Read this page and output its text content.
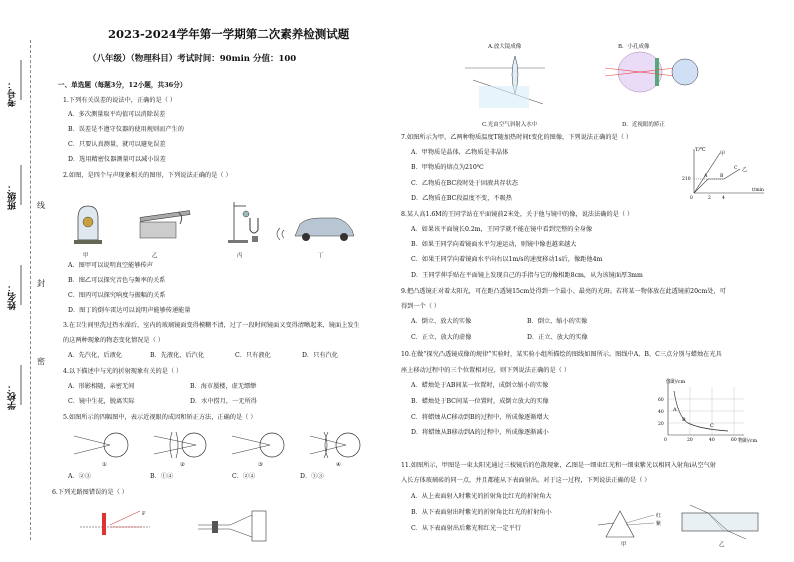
考号：
班级：
姓名：
学校：
线
封
密
2023-2024学年第一学期第二次素养检测试题
（八年级）（物理科目）考试时间：90min 分值：100
一、单选题（每题3分，12小题，共36分）
1.下列有关误差的说法中，正确的是（ ）
A．多次测量取平均值可以消除误差
B．误差是不遵守仪器的使用规则而产生的
C．只要认真测量，就可以避免误差
D．选用精密仪器测量可以减小误差
2.如图，是四个与声现象相关的图形，下列说法正确的是（ ）
甲	乙	丙	丁
A．图甲可以说明真空能够传声
B．图乙可以探究音色与频率的关系
C．图丙可以探究响度与振幅的关系
D．图丁的倒车雷达可以说明声能够传递能量
3.在卫生间里洗过热水澡后，室内的玻璃镜面变得模糊不清，过了一段时间镜面又变得清晰起来，镜面上发生
的这两种现象的物态变化情况是（ ）
A．先汽化，后液化	B．先液化，后汽化	C．只有液化	D．只有汽化
4.以下描述中与光的折射现象有关的是（ ）
A．形影相随，亲密无间	B．海市蜃楼，虚无缥缈
C．镜中生花，脱离实际	D．水中捞月，一无所得
5.如图所示的四幅图中，表示近视眼的成因和矫正方法，正确的是（ ）
①	②	③	④
A．②③	B．①④	C．②④	D．①③
6.下列光路图错误的是（ ）
F
A.放大镜成像	B．小孔成像
C.光由空气斜射入水中	D．近视眼的矫正
7.如图所示为甲、乙两种物质温度T随加热时间t变化的图像，下列说法正确的是（ ）
A．甲物质是晶体，乙物质是非晶体
B．甲物质的熔点为210℃
C．乙物质在BC段时处于固液共存状态
D．乙物质在BC段温度不变，不吸热
T/℃
t/min
210
0	2 4
甲
乙
A	B
C
8.某人高1.6M的王同学站在平面镜前2米处，关于他与镜中的像，说法法确的是（ ）
A．如果该平面镜长0.2m，王同学就不能在镜中看到完整的全身像
B．如果王同学向着镜面水平匀速运动，则镜中像也越来越大
C．如果王同学向着镜面水平向右以1m/s的速度移动1s后，像距他4m
D．王同学伸手贴在平面镜上发现自己的手指与它的像相距8cm，从为该镜面厚3mm
9.把凸透镜正对着太阳光，可在距凸透镜15cm处得到一个最小、最亮的光斑。若将某一物体放在此透镜前20cm处，可
得到一个（ ）
A．倒立、放大的实像	B．倒立、缩小的实像
C．正立、放大的虚像	D．正立、放大的实像
10.在做“探究凸透镜成像的规律”实验时，某实验小组所描绘的图线如图所示。图线中A、B、C三点分别与蜡烛在光具
座上移动过程中的三个位置相对应，则下列说法正确的是（ ）
A．蜡烛处于AB间某一位置时，成倒立缩小的实像
B．蜡烛处于BC间某一位置时，成倒立放大的实像
C．将蜡烛从C移动到B的过程中，所成像逐渐增大
D．将蜡烛从B移动到A的过程中，所成像逐渐减小
像距/cm
物距/cm
60
40
20
0	20	40	60
A
B
C
11.如图所示，甲图是一束太阳光通过三棱镜后的色散现象，乙图是一细束红光和一细束紫光以相同入射角i从空气射
入长方体玻璃砖的同一点，并且都能从下表面射出。对于这一过程，下列说法正确的是（ ）
A．从上表面射入时紫光的折射角比红光的折射角大
B．从下表面射出时紫光的折射角比红光的折射角小
C．从下表面射出后紫光和红光一定平行
红
紫
甲	乙
